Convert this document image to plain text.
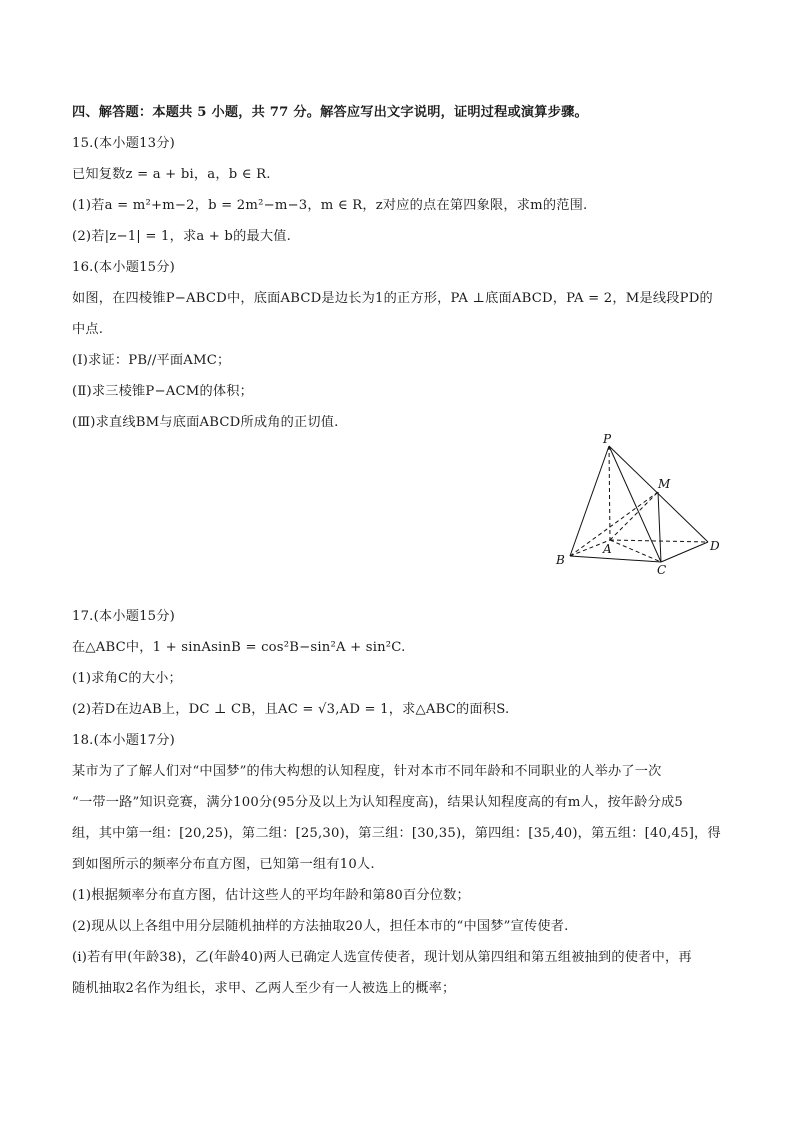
四、解答题：本题共 5 小题，共 77 分。解答应写出文字说明，证明过程或演算步骤。
15.(本小题13分)
已知复数z = a + bi，a，b ∈ R.
(1)若a = m²+m−2，b = 2m²−m−3，m ∈ R，z对应的点在第四象限，求m的范围.
(2)若|z−1| = 1，求a + b的最大值.
16.(本小题15分)
如图，在四棱锥P−ABCD中，底面ABCD是边长为1的正方形，PA ⊥底面ABCD，PA = 2，M是线段PD的
中点.
(Ⅰ)求证：PB//平面AMC；
(Ⅱ)求三棱锥P−ACM的体积；
(Ⅲ)求直线BM与底面ABCD所成角的正切值.
P
M
A
B
C
D
17.(本小题15分)
在△ABC中，1 + sinAsinB = cos²B−sin²A + sin²C.
(1)求角C的大小；
(2)若D在边AB上，DC ⊥ CB，且AC = √3,AD = 1，求△ABC的面积S.
18.(本小题17分)
某市为了了解人们对“中国梦”的伟大构想的认知程度，针对本市不同年龄和不同职业的人举办了一次
“一带一路”知识竞赛，满分100分(95分及以上为认知程度高)，结果认知程度高的有m人，按年龄分成5
组，其中第一组：[20,25)，第二组：[25,30)，第三组：[30,35)，第四组：[35,40)，第五组：[40,45]，得
到如图所示的频率分布直方图，已知第一组有10人.
(1)根据频率分布直方图，估计这些人的平均年龄和第80百分位数；
(2)现从以上各组中用分层随机抽样的方法抽取20人，担任本市的“中国梦”宣传使者.
(i)若有甲(年龄38)，乙(年龄40)两人已确定人选宣传使者，现计划从第四组和第五组被抽到的使者中，再
随机抽取2名作为组长，求甲、乙两人至少有一人被选上的概率；
